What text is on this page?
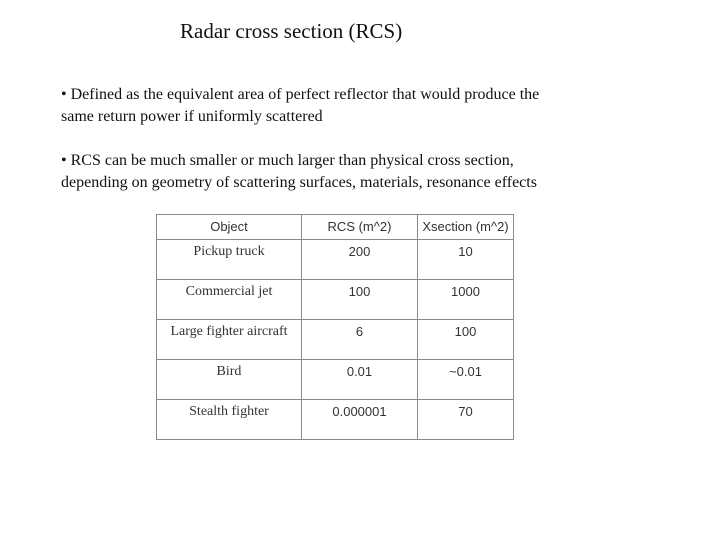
Radar cross section (RCS)
• Defined as the equivalent area of perfect reflector that would produce the
same return power if uniformly scattered
• RCS can be much smaller or much larger than physical cross section,
depending on geometry of scattering surfaces, materials, resonance effects
Object	RCS (m^2)	Xsection (m^2)
Pickup truck	200	10
Commercial jet	100	1000
Large fighter aircraft	6	100
Bird	0.01	~0.01
Stealth fighter	0.000001	70
